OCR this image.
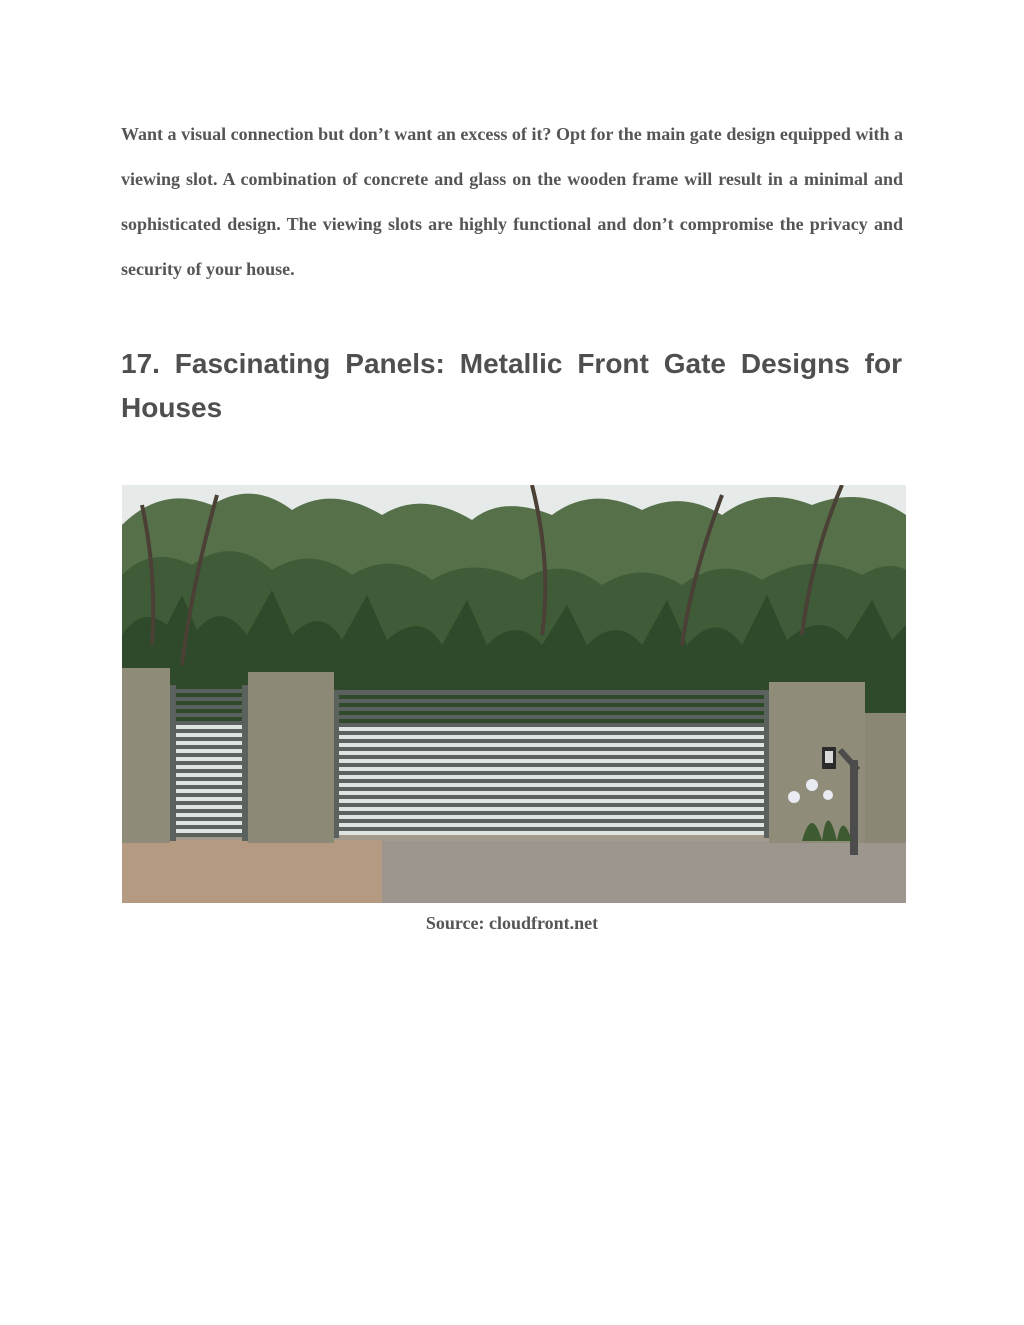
Want a visual connection but don’t want an excess of it? Opt for the main gate design equipped with a viewing slot. A combination of concrete and glass on the wooden frame will result in a minimal and sophisticated design. The viewing slots are highly functional and don’t compromise the privacy and security of your house.

17. Fascinating Panels: Metallic Front Gate Designs for Houses
Source: cloudfront.net
